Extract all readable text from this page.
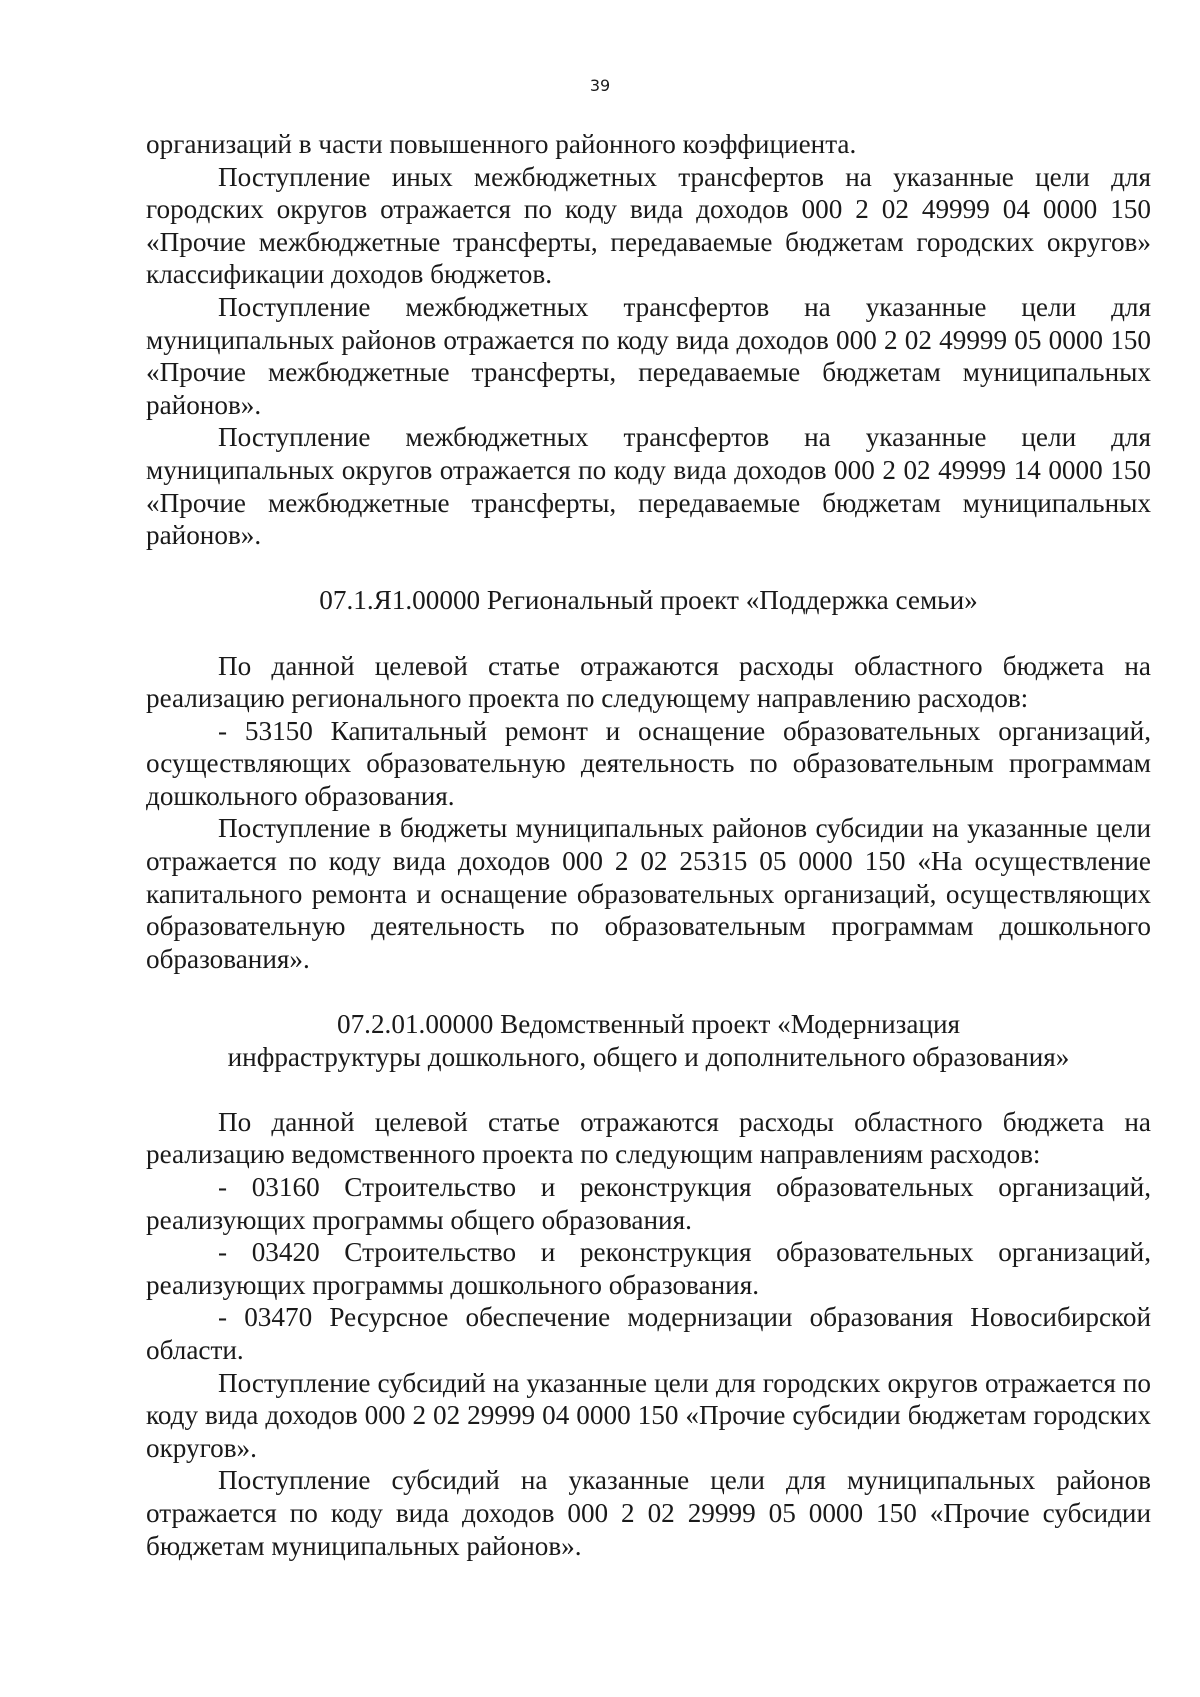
39

организаций в части повышенного районного коэффициента.

Поступление иных межбюджетных трансфертов на указанные цели для городских округов отражается по коду вида доходов 000 2 02 49999 04 0000 150 «Прочие межбюджетные трансферты, передаваемые бюджетам городских округов» классификации доходов бюджетов.

Поступление межбюджетных трансфертов на указанные цели для муниципальных районов отражается по коду вида доходов 000 2 02 49999 05 0000 150 «Прочие межбюджетные трансферты, передаваемые бюджетам муниципальных районов».

Поступление межбюджетных трансфертов на указанные цели для муниципальных округов отражается по коду вида доходов 000 2 02 49999 14 0000 150 «Прочие межбюджетные трансферты, передаваемые бюджетам муниципальных районов».

07.1.Я1.00000 Региональный проект «Поддержка семьи»

По данной целевой статье отражаются расходы областного бюджета на реализацию регионального проекта по следующему направлению расходов:

- 53150 Капитальный ремонт и оснащение образовательных организаций, осуществляющих образовательную деятельность по образовательным программам дошкольного образования.

Поступление в бюджеты муниципальных районов субсидии на указанные цели отражается по коду вида доходов 000 2 02 25315 05 0000 150 «На осуществление капитального ремонта и оснащение образовательных организаций, осуществляющих образовательную деятельность по образовательным программам дошкольного образования».

07.2.01.00000 Ведомственный проект «Модернизация
инфраструктуры дошкольного, общего и дополнительного образования»

По данной целевой статье отражаются расходы областного бюджета на реализацию ведомственного проекта по следующим направлениям расходов:

- 03160 Строительство и реконструкция образовательных организаций, реализующих программы общего образования.

- 03420 Строительство и реконструкция образовательных организаций, реализующих программы дошкольного образования.

- 03470 Ресурсное обеспечение модернизации образования Новосибирской области.

Поступление субсидий на указанные цели для городских округов отражается по коду вида доходов 000 2 02 29999 04 0000 150 «Прочие субсидии бюджетам городских округов».

Поступление субсидий на указанные цели для муниципальных районов отражается по коду вида доходов 000 2 02 29999 05 0000 150 «Прочие субсидии бюджетам муниципальных районов».
